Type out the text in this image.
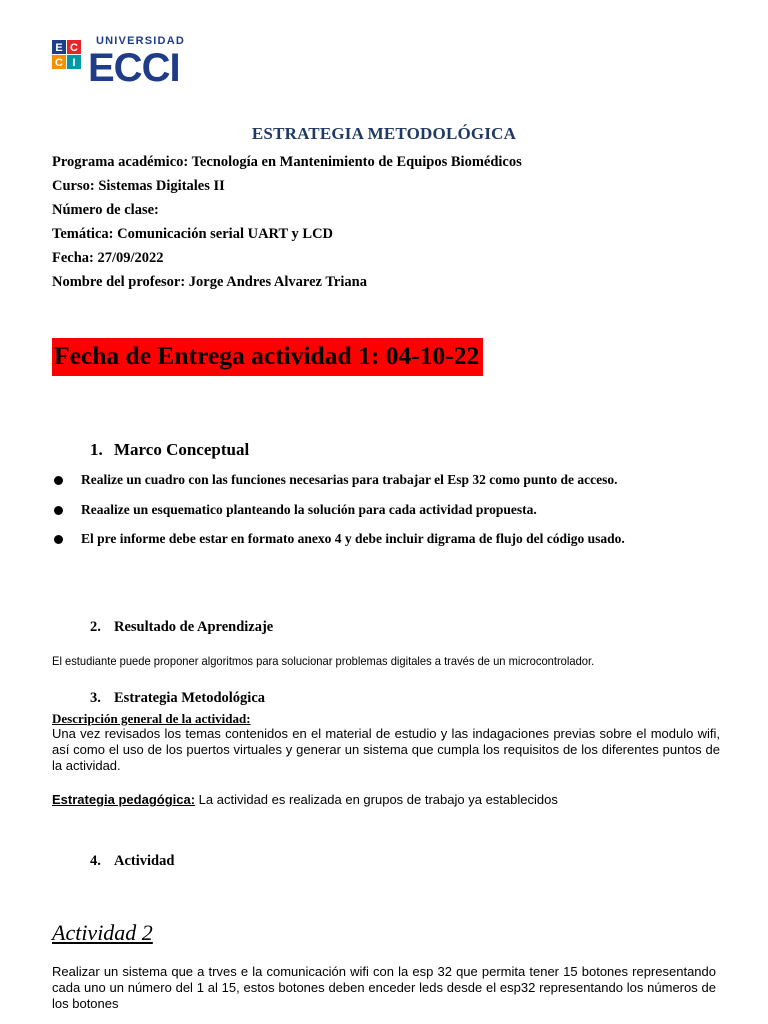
E C
C I
UNIVERSIDAD
ECCI
ESTRATEGIA METODOLÓGICA
Programa académico: Tecnología en Mantenimiento de Equipos Biomédicos
Curso: Sistemas Digitales II
Número de clase:
Temática: Comunicación serial UART y LCD
Fecha: 27/09/2022
Nombre del profesor: Jorge Andres Alvarez Triana
Fecha de Entrega actividad 1: 04-10-22
1. Marco Conceptual
Realize un cuadro con las funciones necesarias para trabajar el Esp 32 como punto de acceso.
Reaalize un esquematico planteando la solución para cada actividad propuesta.
El pre informe debe estar en formato anexo 4 y debe incluir digrama de flujo del código usado.
2. Resultado de Aprendizaje
El estudiante puede proponer algoritmos para solucionar problemas digitales a través de un microcontrolador.
3. Estrategia Metodológica
Descripción general de la actividad:
Una vez revisados los temas contenidos en el material de estudio y las indagaciones previas sobre el modulo wifi, así como el uso de los puertos virtuales y generar un sistema que cumpla los requisitos de los diferentes puntos de la actividad.
Estrategia pedagógica: La actividad es realizada en grupos de trabajo ya establecidos
4. Actividad
Actividad 2
Realizar un sistema que a trves e la comunicación wifi con la esp 32 que permita tener 15 botones representando cada uno un número del 1 al 15, estos botones deben enceder leds desde el esp32 representando los números de los botones
